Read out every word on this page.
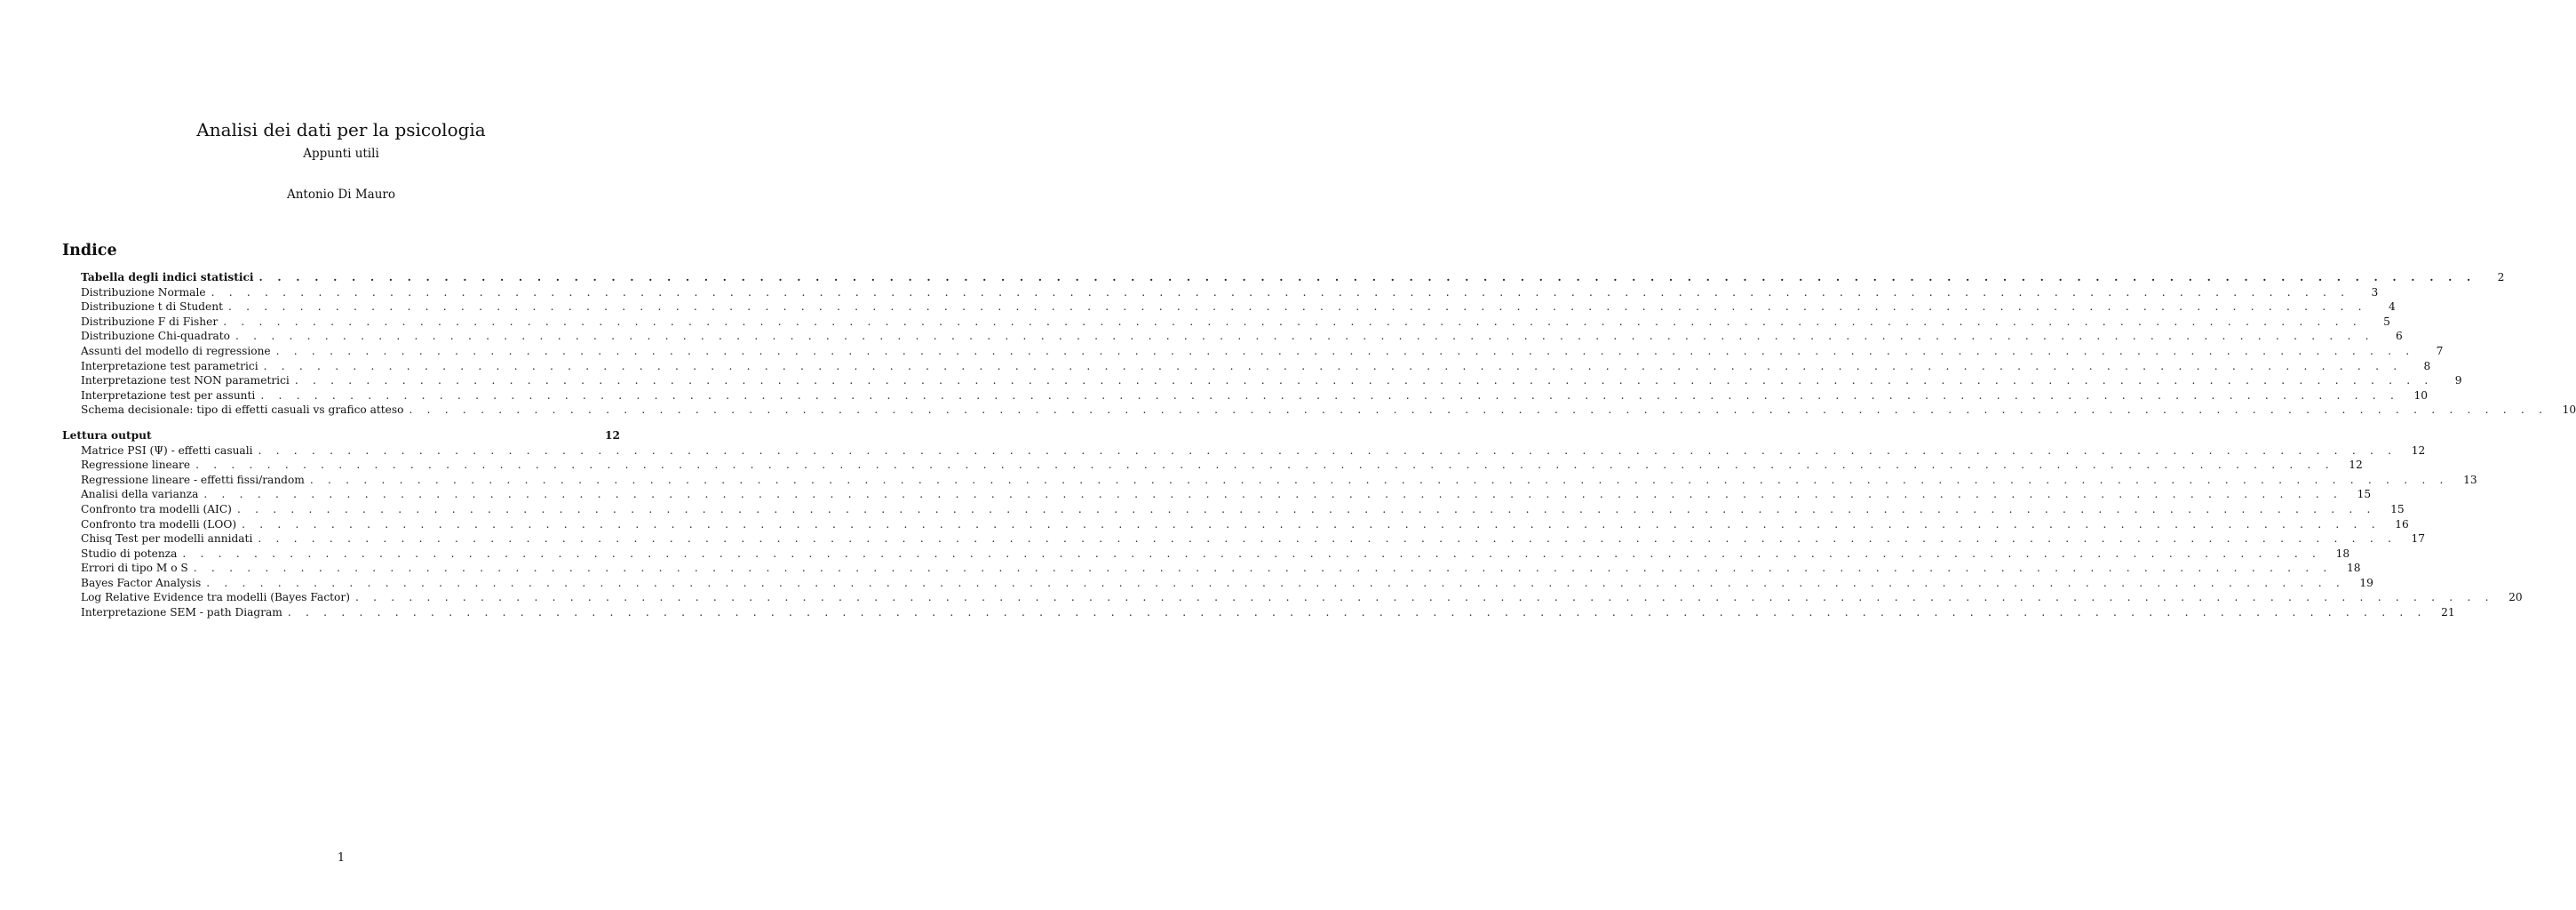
Analisi dei dati per la psicologia
Appunti utili
Antonio Di Mauro
Indice
Tabella degli indici statistici . . . . . . . . . . . . . . . . . . . . . . . . . . . . . . . . . . . . . . . . . . . . . . . . . . . . . . . . . . . . . . . . . . . . . . . . . . . . . . . . . . . . . . . . . . . . . . . . . . . . . . . . . . . . . . . . . . . . . . . .	2
Distribuzione Normale . . . . . . . . . . . . . . . . . . . . . . . . . . . . . . . . . . . . . . . . . . . . . . . . . . . . . . . . . . . . . . . . . . . . . . . . . . . . . . . . . . . . . . . . . . . . . . . . . . . . . . . . . . . . . . . . . . . . . . . .	3
Distribuzione t di Student . . . . . . . . . . . . . . . . . . . . . . . . . . . . . . . . . . . . . . . . . . . . . . . . . . . . . . . . . . . . . . . . . . . . . . . . . . . . . . . . . . . . . . . . . . . . . . . . . . . . . . . . . . . . . . . . . . . . . . . .	4
Distribuzione F di Fisher . . . . . . . . . . . . . . . . . . . . . . . . . . . . . . . . . . . . . . . . . . . . . . . . . . . . . . . . . . . . . . . . . . . . . . . . . . . . . . . . . . . . . . . . . . . . . . . . . . . . . . . . . . . . . . . . . . . . . . . .	5
Distribuzione Chi-quadrato . . . . . . . . . . . . . . . . . . . . . . . . . . . . . . . . . . . . . . . . . . . . . . . . . . . . . . . . . . . . . . . . . . . . . . . . . . . . . . . . . . . . . . . . . . . . . . . . . . . . . . . . . . . . . . . . . . . . . . . .	6
Assunti del modello di regressione . . . . . . . . . . . . . . . . . . . . . . . . . . . . . . . . . . . . . . . . . . . . . . . . . . . . . . . . . . . . . . . . . . . . . . . . . . . . . . . . . . . . . . . . . . . . . . . . . . . . . . . . . . . . . . . . . . . . . . . .	7
Interpretazione test parametrici . . . . . . . . . . . . . . . . . . . . . . . . . . . . . . . . . . . . . . . . . . . . . . . . . . . . . . . . . . . . . . . . . . . . . . . . . . . . . . . . . . . . . . . . . . . . . . . . . . . . . . . . . . . . . . . . . . . . . . . .	8
Interpretazione test NON parametrici . . . . . . . . . . . . . . . . . . . . . . . . . . . . . . . . . . . . . . . . . . . . . . . . . . . . . . . . . . . . . . . . . . . . . . . . . . . . . . . . . . . . . . . . . . . . . . . . . . . . . . . . . . . . . . . . . . . . . . . .	9
Interpretazione test per assunti . . . . . . . . . . . . . . . . . . . . . . . . . . . . . . . . . . . . . . . . . . . . . . . . . . . . . . . . . . . . . . . . . . . . . . . . . . . . . . . . . . . . . . . . . . . . . . . . . . . . . . . . . . . . . . . . . . . . . . . .	10
Schema decisionale: tipo di effetti casuali vs grafico atteso . . . . . . . . . . . . . . . . . . . . . . . . . . . . . . . . . . . . . . . . . . . . . . . . . . . . . . . . . . . . . . . . . . . . . . . . . . . . . . . . . . . . . . . . . . . . . . . . . . . . . . . . . . . . . . . . . . . . . . . .	10
Lettura output	12
Matrice PSI (Ψ) - effetti casuali . . . . . . . . . . . . . . . . . . . . . . . . . . . . . . . . . . . . . . . . . . . . . . . . . . . . . . . . . . . . . . . . . . . . . . . . . . . . . . . . . . . . . . . . . . . . . . . . . . . . . . . . . . . . . . . . . . . . . . . .	12
Regressione lineare . . . . . . . . . . . . . . . . . . . . . . . . . . . . . . . . . . . . . . . . . . . . . . . . . . . . . . . . . . . . . . . . . . . . . . . . . . . . . . . . . . . . . . . . . . . . . . . . . . . . . . . . . . . . . . . . . . . . . . . .	12
Regressione lineare - effetti fissi/random . . . . . . . . . . . . . . . . . . . . . . . . . . . . . . . . . . . . . . . . . . . . . . . . . . . . . . . . . . . . . . . . . . . . . . . . . . . . . . . . . . . . . . . . . . . . . . . . . . . . . . . . . . . . . . . . . . . . . . . .	13
Analisi della varianza . . . . . . . . . . . . . . . . . . . . . . . . . . . . . . . . . . . . . . . . . . . . . . . . . . . . . . . . . . . . . . . . . . . . . . . . . . . . . . . . . . . . . . . . . . . . . . . . . . . . . . . . . . . . . . . . . . . . . . . .	15
Confronto tra modelli (AIC) . . . . . . . . . . . . . . . . . . . . . . . . . . . . . . . . . . . . . . . . . . . . . . . . . . . . . . . . . . . . . . . . . . . . . . . . . . . . . . . . . . . . . . . . . . . . . . . . . . . . . . . . . . . . . . . . . . . . . . . .	15
Confronto tra modelli (LOO) . . . . . . . . . . . . . . . . . . . . . . . . . . . . . . . . . . . . . . . . . . . . . . . . . . . . . . . . . . . . . . . . . . . . . . . . . . . . . . . . . . . . . . . . . . . . . . . . . . . . . . . . . . . . . . . . . . . . . . . .	16
Chisq Test per modelli annidati . . . . . . . . . . . . . . . . . . . . . . . . . . . . . . . . . . . . . . . . . . . . . . . . . . . . . . . . . . . . . . . . . . . . . . . . . . . . . . . . . . . . . . . . . . . . . . . . . . . . . . . . . . . . . . . . . . . . . . . .	17
Studio di potenza . . . . . . . . . . . . . . . . . . . . . . . . . . . . . . . . . . . . . . . . . . . . . . . . . . . . . . . . . . . . . . . . . . . . . . . . . . . . . . . . . . . . . . . . . . . . . . . . . . . . . . . . . . . . . . . . . . . . . . . .	18
Errori di tipo M o S . . . . . . . . . . . . . . . . . . . . . . . . . . . . . . . . . . . . . . . . . . . . . . . . . . . . . . . . . . . . . . . . . . . . . . . . . . . . . . . . . . . . . . . . . . . . . . . . . . . . . . . . . . . . . . . . . . . . . . . .	18
Bayes Factor Analysis . . . . . . . . . . . . . . . . . . . . . . . . . . . . . . . . . . . . . . . . . . . . . . . . . . . . . . . . . . . . . . . . . . . . . . . . . . . . . . . . . . . . . . . . . . . . . . . . . . . . . . . . . . . . . . . . . . . . . . . .	19
Log Relative Evidence tra modelli (Bayes Factor) . . . . . . . . . . . . . . . . . . . . . . . . . . . . . . . . . . . . . . . . . . . . . . . . . . . . . . . . . . . . . . . . . . . . . . . . . . . . . . . . . . . . . . . . . . . . . . . . . . . . . . . . . . . . . . . . . . . . . . . .	20
Interpretazione SEM - path Diagram . . . . . . . . . . . . . . . . . . . . . . . . . . . . . . . . . . . . . . . . . . . . . . . . . . . . . . . . . . . . . . . . . . . . . . . . . . . . . . . . . . . . . . . . . . . . . . . . . . . . . . . . . . . . . . . . . . . . . . . .	21
1
